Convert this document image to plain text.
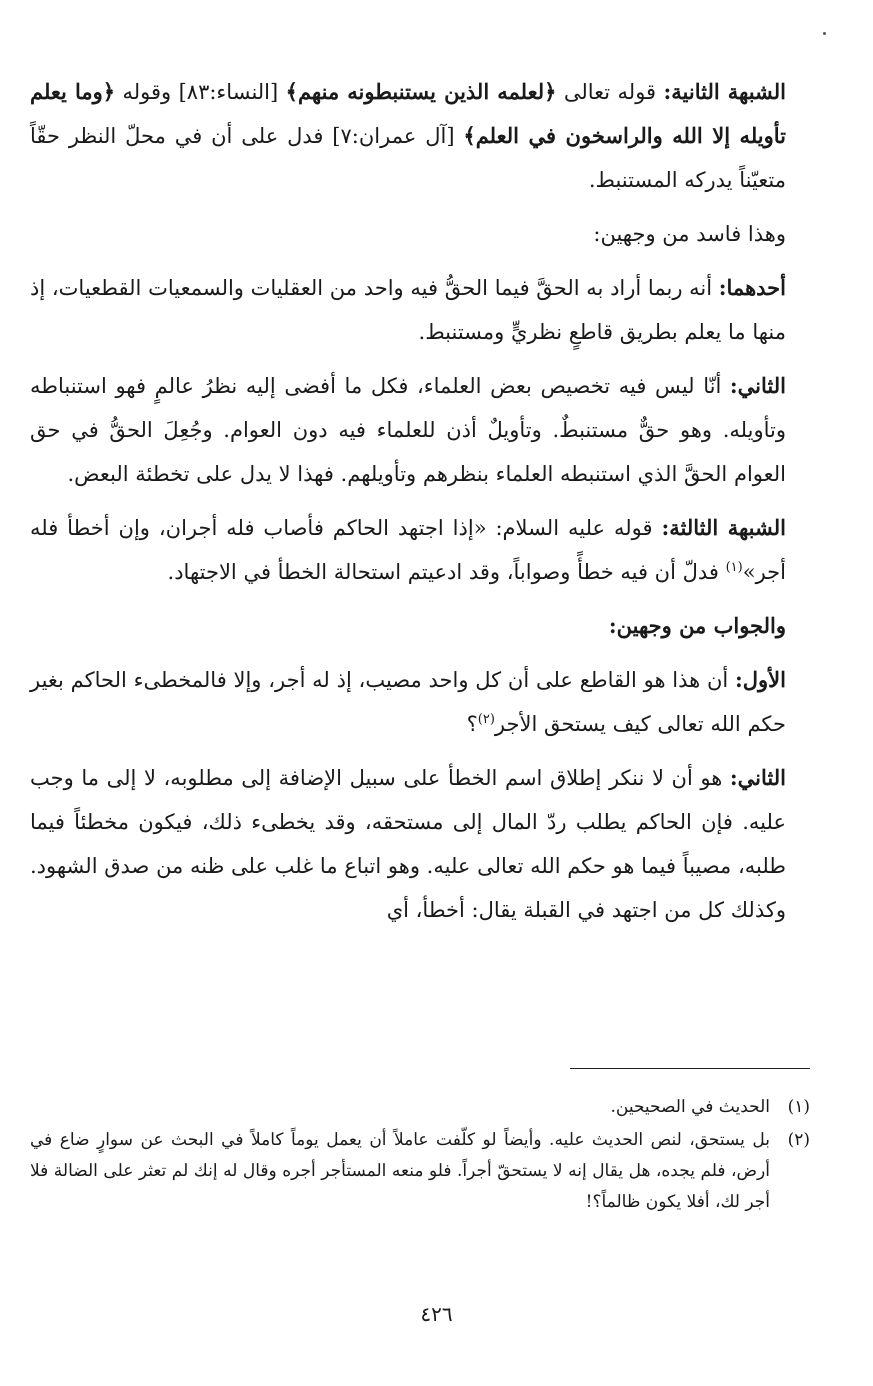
الشبهة الثانية: قوله تعالى ﴿لعلمه الذين يستنبطونه منهم﴾ [النساء:٨٣] وقوله ﴿وما يعلم تأويله إلا الله والراسخون في العلم﴾ [آل عمران:٧] فدل على أن في محلّ النظر حقّاً متعيّناً يدركه المستنبط.

وهذا فاسد من وجهين:

أحدهما: أنه ربما أراد به الحقَّ فيما الحقُّ فيه واحد من العقليات والسمعيات القطعيات، إذ منها ما يعلم بطريق قاطعٍ نظريٍّ ومستنبط.

الثاني: أنّا ليس فيه تخصيص بعض العلماء، فكل ما أفضى إليه نظرُ عالمٍ فهو استنباطه وتأويله. وهو حقٌّ مستنبطٌ. وتأويلٌ أذن للعلماء فيه دون العوام. وجُعِلَ الحقُّ في حق العوام الحقَّ الذي استنبطه العلماء بنظرهم وتأويلهم. فهذا لا يدل على تخطئة البعض.

الشبهة الثالثة: قوله عليه السلام: «إذا اجتهد الحاكم فأصاب فله أجران، وإن أخطأ فله أجر»$^{(١)}$ فدلّ أن فيه خطأً وصواباً، وقد ادعيتم استحالة الخطأ في الاجتهاد.

والجواب من وجهين:

الأول: أن هذا هو القاطع على أن كل واحد مصيب، إذ له أجر، وإلا فالمخطىء الحاكم بغير حكم الله تعالى كيف يستحق الأجر$^{(٢)}$؟

الثاني: هو أن لا ننكر إطلاق اسم الخطأ على سبيل الإضافة إلى مطلوبه، لا إلى ما وجب عليه. فإن الحاكم يطلب ردّ المال إلى مستحقه، وقد يخطىء ذلك، فيكون مخطئاً فيما طلبه، مصيباً فيما هو حكم الله تعالى عليه. وهو اتباع ما غلب على ظنه من صدق الشهود. وكذلك كل من اجتهد في القبلة يقال: أخطأ، أي

(١)
الحديث في الصحيحين.
(٢)
بل يستحق، لنص الحديث عليه. وأيضاً لو كلّفت عاملاً أن يعمل يوماً كاملاً في البحث عن سوارٍ ضاع في أرض، فلم يجده، هل يقال إنه لا يستحقّ أجراً. فلو منعه المستأجر أجره وقال له إنك لم تعثر على الضالة فلا أجر لك، أفلا يكون ظالماً؟!
٤٢٦
